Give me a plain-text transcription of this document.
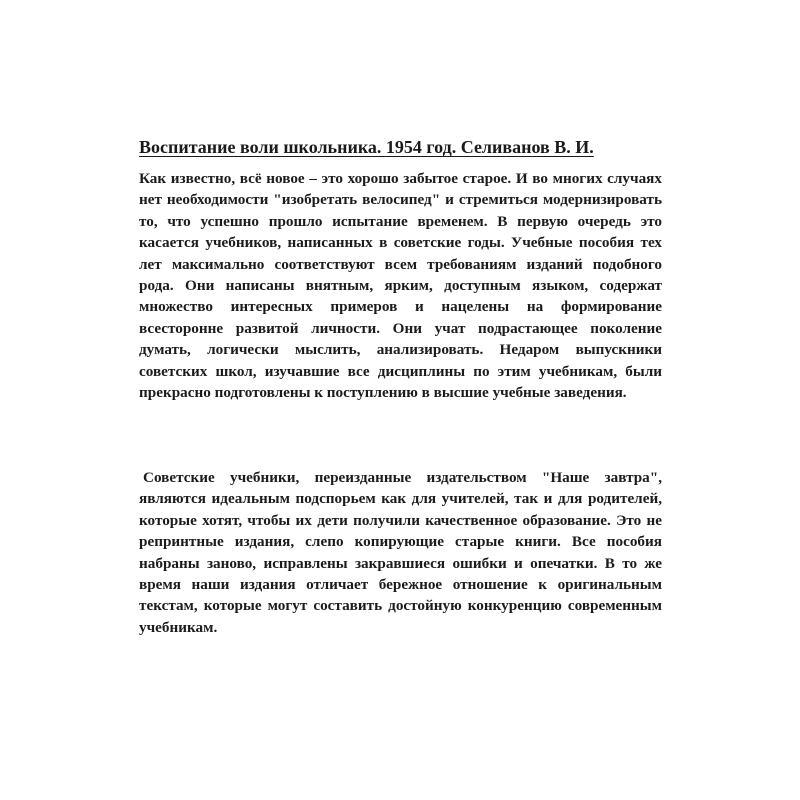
Воспитание воли школьника. 1954 год. Селиванов В. И.

Как известно, всё новое – это хорошо забытое старое. И во многих случаях нет необходимости "изобретать велосипед" и стремиться модернизировать то, что успешно прошло испытание временем. В первую очередь это касается учебников, написанных в советские годы. Учебные пособия тех лет максимально соответствуют всем требованиям изданий подобного рода. Они написаны внятным, ярким, доступным языком, содержат множество интересных примеров и нацелены на формирование всесторонне развитой личности. Они учат подрастающее поколение думать, логически мыслить, анализировать. Недаром выпускники советских школ, изучавшие все дисциплины по этим учебникам, были прекрасно подготовлены к поступлению в высшие учебные заведения.

Советские учебники, переизданные издательством "Наше завтра", являются идеальным подспорьем как для учителей, так и для родителей, которые хотят, чтобы их дети получили качественное образование. Это не репринтные издания, слепо копирующие старые книги. Все пособия набраны заново, исправлены закравшиеся ошибки и опечатки. В то же время наши издания отличает бережное отношение к оригинальным текстам, которые могут составить достойную конкуренцию современным учебникам.
